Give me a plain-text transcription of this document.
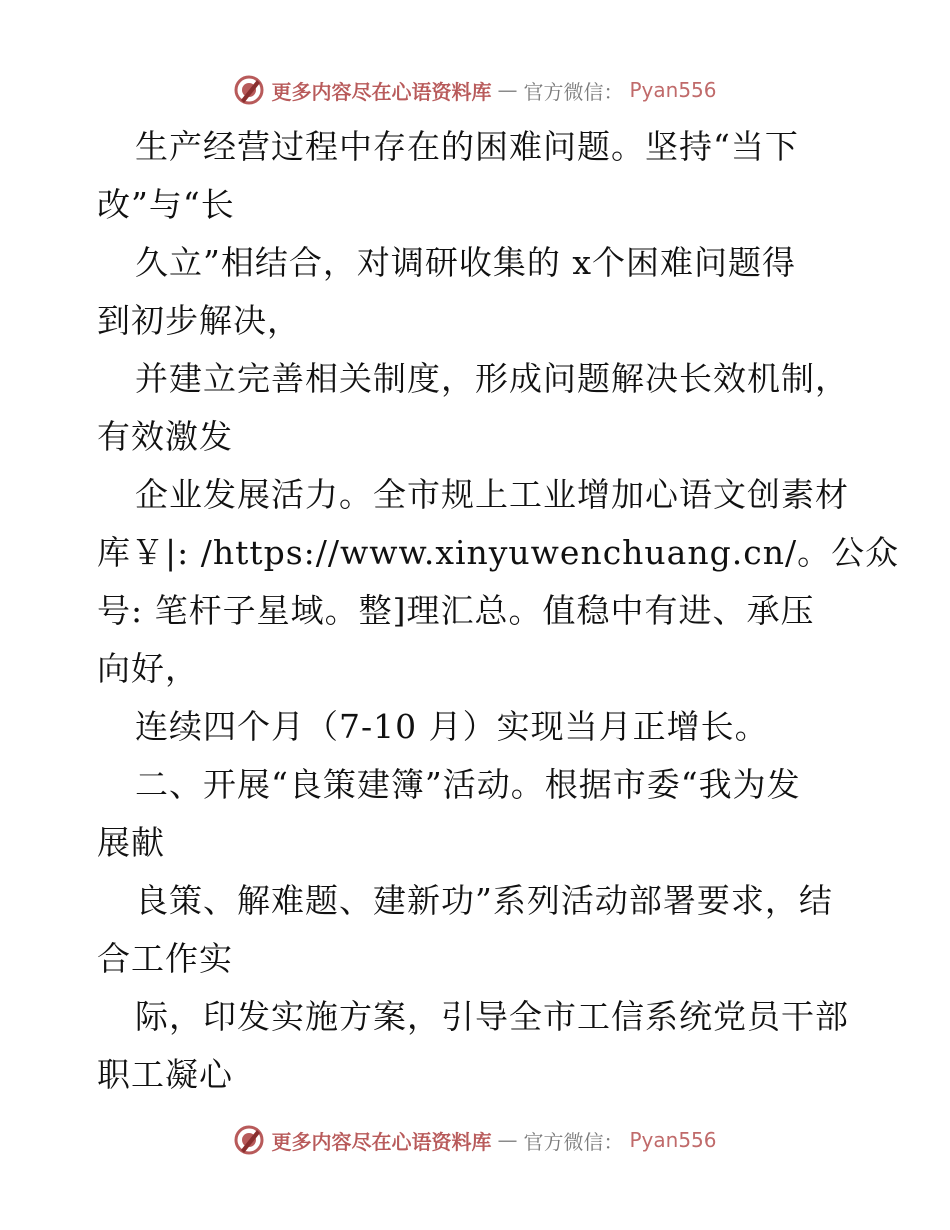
更多内容尽在心语资料库 — 官方微信： Pyan556
生产经营过程中存在的困难问题。坚持“当下
改”与“长
久立”相结合，对调研收集的 x个困难问题得
到初步解决，
并建立完善相关制度，形成问题解决长效机制，
有效激发
企业发展活力。全市规上工业增加心语文创素材
库￥|: /https://www.xinyuwenchuang.cn/。公众
号: 笔杆子星域。整]理汇总。值稳中有进、承压
向好，
连续四个月（7-10 月）实现当月正增长。
二、开展“良策建簿”活动。根据市委“我为发
展献
良策、解难题、建新功”系列活动部署要求，结
合工作实
际，印发实施方案，引导全市工信系统党员干部
职工凝心
更多内容尽在心语资料库 — 官方微信： Pyan556
